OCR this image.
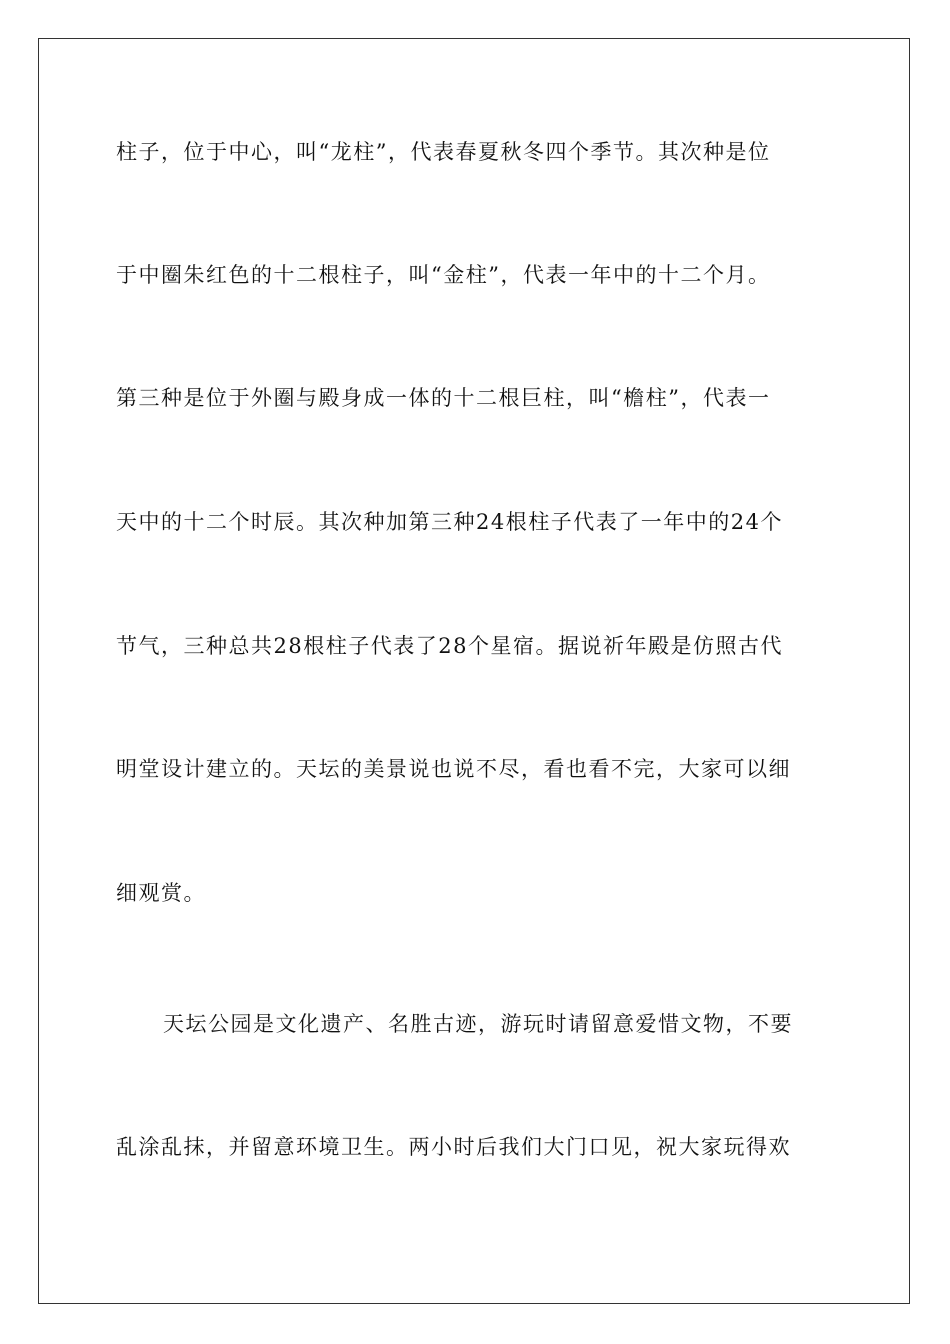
柱子，位于中心，叫“龙柱”，代表春夏秋冬四个季节。其次种是位
于中圈朱红色的十二根柱子，叫“金柱”，代表一年中的十二个月。
第三种是位于外圈与殿身成一体的十二根巨柱，叫“檐柱”，代表一
天中的十二个时辰。其次种加第三种24根柱子代表了一年中的24个
节气，三种总共28根柱子代表了28个星宿。据说祈年殿是仿照古代
明堂设计建立的。天坛的美景说也说不尽，看也看不完，大家可以细
细观赏。
天坛公园是文化遗产、名胜古迹，游玩时请留意爱惜文物，不要
乱涂乱抹，并留意环境卫生。两小时后我们大门口见，祝大家玩得欢
